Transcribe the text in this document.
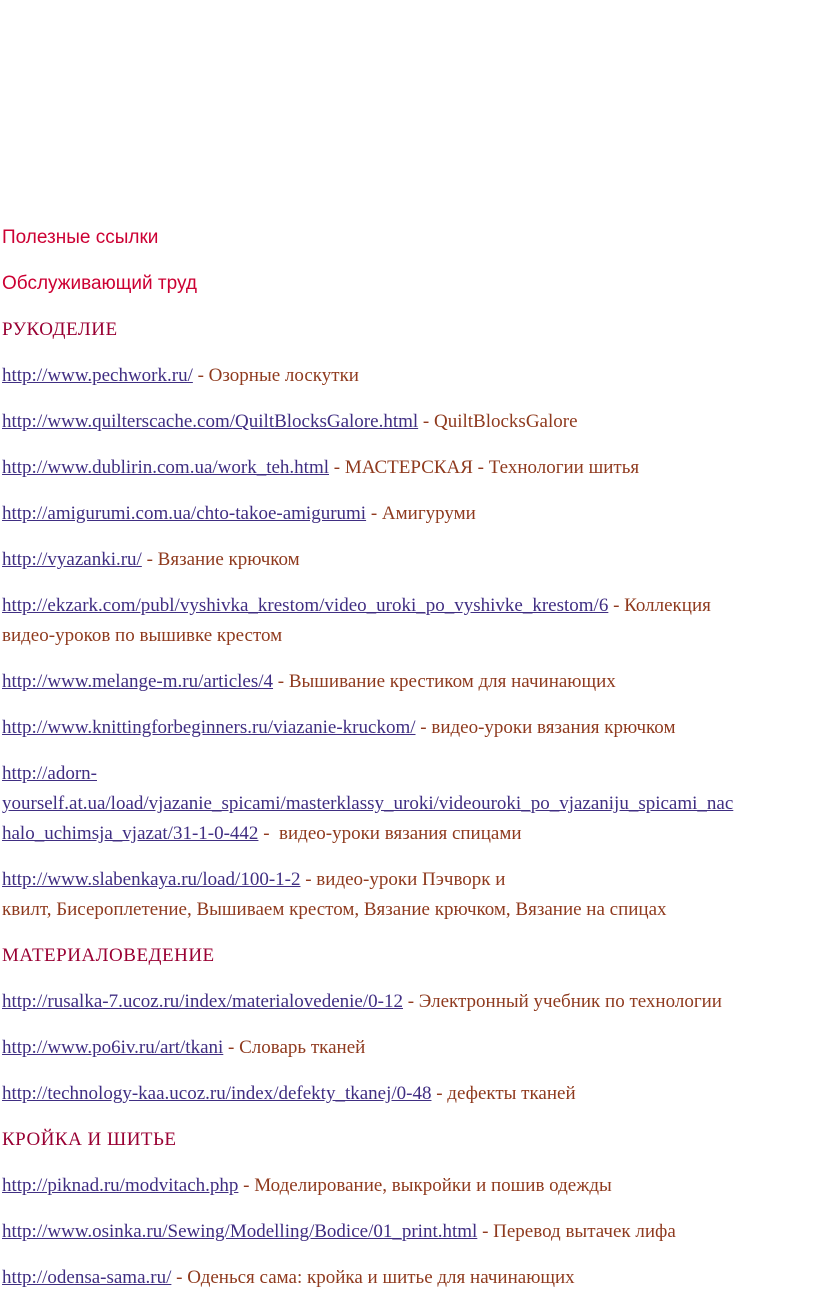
Полезные ссылки
Обслуживающий труд
РУКОДЕЛИЕ

http://www.pechwork.ru/ - Озорные лоскутки

http://www.quilterscache.com/QuiltBlocksGalore.html - QuiltBlocksGalore

http://www.dublirin.com.ua/work_teh.html - МАСТЕРСКАЯ - Технологии шитья

http://amigurumi.com.ua/chto-takoe-amigurumi - Амигуруми

http://vyazanki.ru/ - Вязание крючком

http://ekzark.com/publ/vyshivka_krestom/video_uroki_po_vyshivke_krestom/6 - Коллекция
видео-уроков по вышивке крестом

http://www.melange-m.ru/articles/4 - Вышивание крестиком для начинающих

http://www.knittingforbeginners.ru/viazanie-kruckom/ - видео-уроки вязания крючком

http://adorn-
yourself.at.ua/load/vjazanie_spicami/masterklassy_uroki/videouroki_po_vjazaniju_spicami_nac
halo_uchimsja_vjazat/31-1-0-442 -  видео-уроки вязания спицами

http://www.slabenkaya.ru/load/100-1-2 - видео-уроки Пэчворк и
квилт, Бисероплетение, Вышиваем крестом, Вязание крючком, Вязание на спицах

МАТЕРИАЛОВЕДЕНИЕ

http://rusalka-7.ucoz.ru/index/materialovedenie/0-12 - Электронный учебник по технологии

http://www.po6iv.ru/art/tkani - Словарь тканей

http://technology-kaa.ucoz.ru/index/defekty_tkanej/0-48 - дефекты тканей

КРОЙКА И ШИТЬЕ

http://piknad.ru/modvitach.php - Моделирование, выкройки и пошив одежды

http://www.osinka.ru/Sewing/Modelling/Bodice/01_print.html - Перевод вытачек лифа

http://odensa-sama.ru/ - Оденься сама: кройка и шитье для начинающих
